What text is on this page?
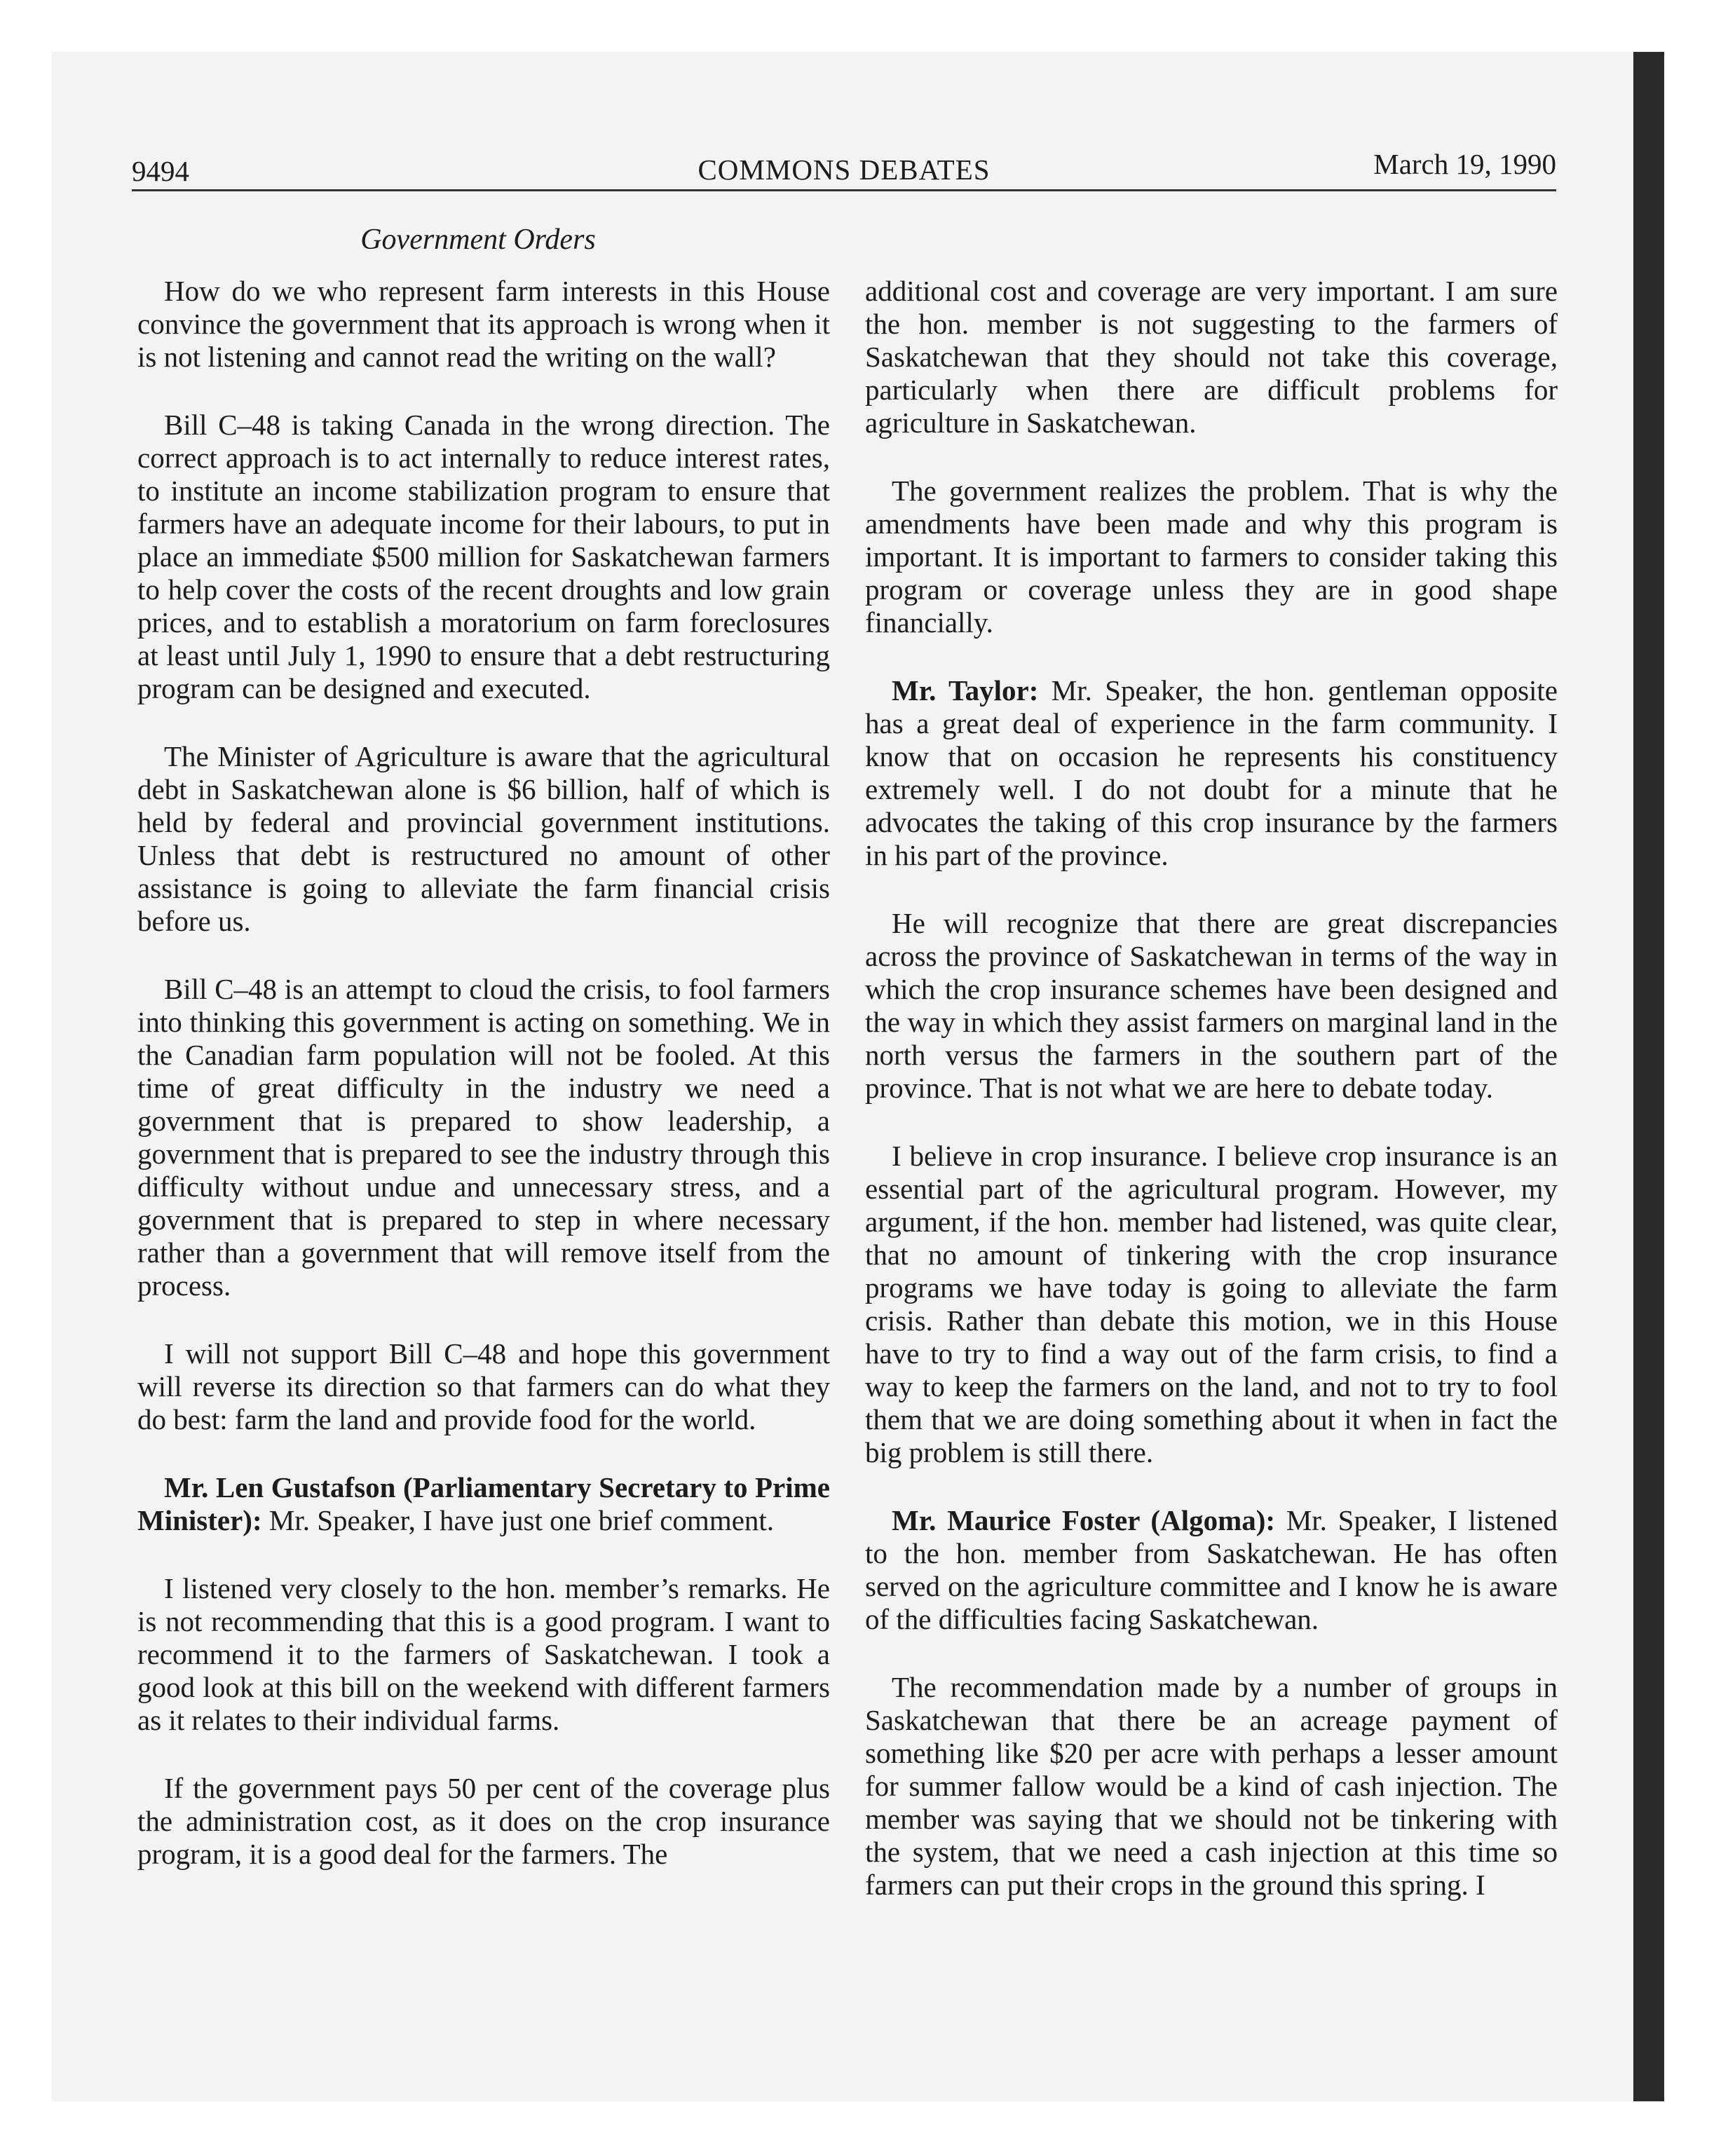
9494	COMMONS DEBATES	March 19, 1990
Government Orders

How do we who represent farm interests in this House convince the government that its approach is wrong when it is not listening and cannot read the writing on the wall?

Bill C–48 is taking Canada in the wrong direction. The correct approach is to act internally to reduce interest rates, to institute an income stabilization program to ensure that farmers have an adequate income for their labours, to put in place an immediate $500 million for Saskatchewan farmers to help cover the costs of the recent droughts and low grain prices, and to establish a moratorium on farm foreclosures at least until July 1, 1990 to ensure that a debt restructuring program can be designed and executed.

The Minister of Agriculture is aware that the agricultural debt in Saskatchewan alone is $6 billion, half of which is held by federal and provincial government institutions. Unless that debt is restructured no amount of other assistance is going to alleviate the farm financial crisis before us.

Bill C–48 is an attempt to cloud the crisis, to fool farmers into thinking this government is acting on something. We in the Canadian farm population will not be fooled. At this time of great difficulty in the industry we need a government that is prepared to show leadership, a government that is prepared to see the industry through this difficulty without undue and unnecessary stress, and a government that is prepared to step in where necessary rather than a government that will remove itself from the process.

I will not support Bill C–48 and hope this government will reverse its direction so that farmers can do what they do best: farm the land and provide food for the world.

Mr. Len Gustafson (Parliamentary Secretary to Prime Minister): Mr. Speaker, I have just one brief comment.

I listened very closely to the hon. member’s remarks. He is not recommending that this is a good program. I want to recommend it to the farmers of Saskatchewan. I took a good look at this bill on the weekend with different farmers as it relates to their individual farms.

If the government pays 50 per cent of the coverage plus the administration cost, as it does on the crop insurance program, it is a good deal for the farmers. The

additional cost and coverage are very important. I am sure the hon. member is not suggesting to the farmers of Saskatchewan that they should not take this coverage, particularly when there are difficult problems for agriculture in Saskatchewan.

The government realizes the problem. That is why the amendments have been made and why this program is important. It is important to farmers to consider taking this program or coverage unless they are in good shape financially.

Mr. Taylor: Mr. Speaker, the hon. gentleman opposite has a great deal of experience in the farm community. I know that on occasion he represents his constituency extremely well. I do not doubt for a minute that he advocates the taking of this crop insurance by the farmers in his part of the province.

He will recognize that there are great discrepancies across the province of Saskatchewan in terms of the way in which the crop insurance schemes have been designed and the way in which they assist farmers on marginal land in the north versus the farmers in the southern part of the province. That is not what we are here to debate today.

I believe in crop insurance. I believe crop insurance is an essential part of the agricultural program. However, my argument, if the hon. member had listened, was quite clear, that no amount of tinkering with the crop insurance programs we have today is going to alleviate the farm crisis. Rather than debate this motion, we in this House have to try to find a way out of the farm crisis, to find a way to keep the farmers on the land, and not to try to fool them that we are doing something about it when in fact the big problem is still there.

Mr. Maurice Foster (Algoma): Mr. Speaker, I listened to the hon. member from Saskatchewan. He has often served on the agriculture committee and I know he is aware of the difficulties facing Saskatchewan.

The recommendation made by a number of groups in Saskatchewan that there be an acreage payment of something like $20 per acre with perhaps a lesser amount for summer fallow would be a kind of cash injection. The member was saying that we should not be tinkering with the system, that we need a cash injection at this time so farmers can put their crops in the ground this spring. I
